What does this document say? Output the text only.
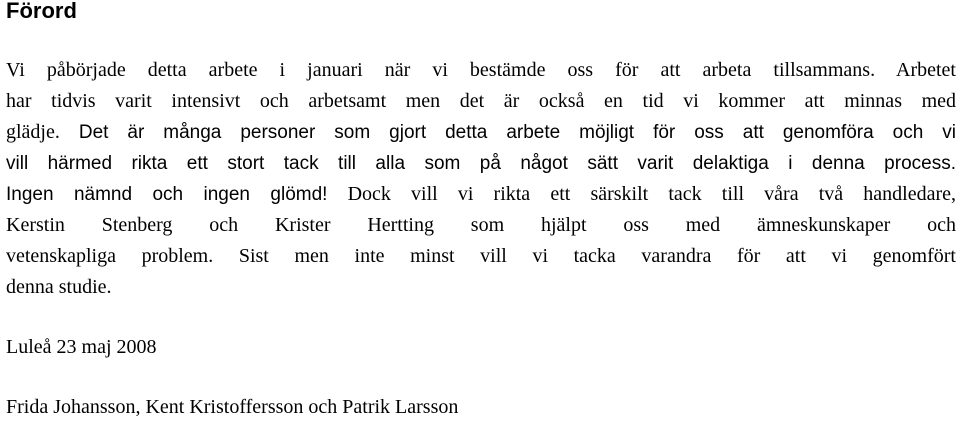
Förord
Vi påbörjade detta arbete i januari när vi bestämde oss för att arbeta tillsammans. Arbetet
har tidvis varit intensivt och arbetsamt men det är också en tid vi kommer att minnas med
glädje. Det är många personer som gjort detta arbete möjligt för oss att genomföra och vi
vill härmed rikta ett stort tack till alla som på något sätt varit delaktiga i denna process.
Ingen nämnd och ingen glömd! Dock vill vi rikta ett särskilt tack till våra två handledare,
Kerstin Stenberg och Krister Hertting som hjälpt oss med ämneskunskaper och
vetenskapliga problem. Sist men inte minst vill vi tacka varandra för att vi genomfört
denna studie.
Luleå 23 maj 2008
Frida Johansson, Kent Kristoffersson och Patrik Larsson
